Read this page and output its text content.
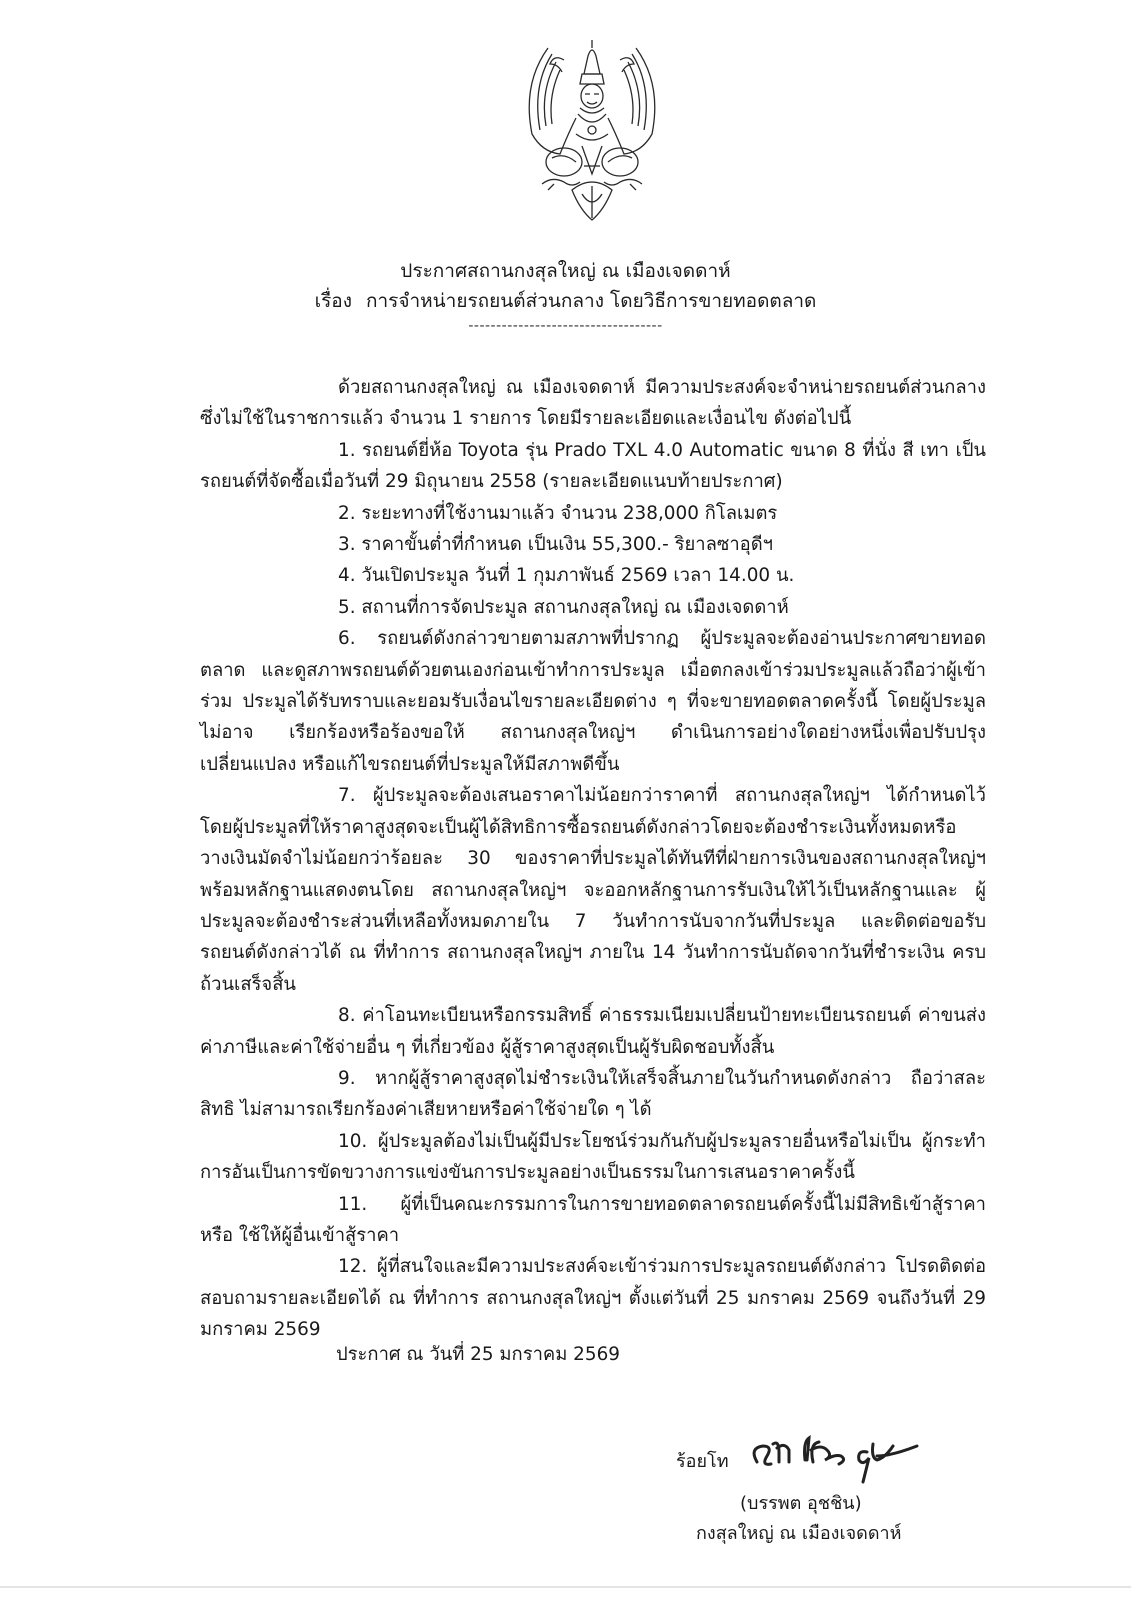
ประกาศสถานกงสุลใหญ่ ณ เมืองเจดดาห์
เรื่อง การจำหน่ายรถยนต์ส่วนกลาง โดยวิธีการขายทอดตลาด
-----------------------------------

ด้วยสถานกงสุลใหญ่ ณ เมืองเจดดาห์ มีความประสงค์จะจำหน่ายรถยนต์ส่วนกลาง ซึ่งไม่ใช้ในราชการแล้ว จำนวน 1 รายการ โดยมีรายละเอียดและเงื่อนไข ดังต่อไปนี้

1. รถยนต์ยี่ห้อ Toyota รุ่น Prado TXL 4.0 Automatic ขนาด 8 ที่นั่ง สี เทา เป็นรถยนต์ที่จัดซื้อเมื่อวันที่ 29 มิถุนายน 2558 (รายละเอียดแนบท้ายประกาศ)

2. ระยะทางที่ใช้งานมาแล้ว จำนวน 238,000 กิโลเมตร

3. ราคาขั้นต่ำที่กำหนด เป็นเงิน 55,300.- ริยาลซาอุดีฯ

4. วันเปิดประมูล วันที่ 1 กุมภาพันธ์ 2569 เวลา 14.00 น.

5. สถานที่การจัดประมูล สถานกงสุลใหญ่ ณ เมืองเจดดาห์

6. รถยนต์ดังกล่าวขายตามสภาพที่ปรากฏ ผู้ประมูลจะต้องอ่านประกาศขายทอดตลาด และดูสภาพรถยนต์ด้วยตนเองก่อนเข้าทำการประมูล เมื่อตกลงเข้าร่วมประมูลแล้วถือว่าผู้เข้าร่วม ประมูลได้รับทราบและยอมรับเงื่อนไขรายละเอียดต่าง ๆ ที่จะขายทอดตลาดครั้งนี้ โดยผู้ประมูลไม่อาจ เรียกร้องหรือร้องขอให้ สถานกงสุลใหญ่ฯ ดำเนินการอย่างใดอย่างหนึ่งเพื่อปรับปรุง เปลี่ยนแปลง หรือแก้ไขรถยนต์ที่ประมูลให้มีสภาพดีขึ้น

7. ผู้ประมูลจะต้องเสนอราคาไม่น้อยกว่าราคาที่ สถานกงสุลใหญ่ฯ ได้กำหนดไว้ โดยผู้ประมูลที่ให้ราคาสูงสุดจะเป็นผู้ได้สิทธิการซื้อรถยนต์ดังกล่าวโดยจะต้องชำระเงินทั้งหมดหรือ วางเงินมัดจำไม่น้อยกว่าร้อยละ 30 ของราคาที่ประมูลได้ทันทีที่ฝ่ายการเงินของสถานกงสุลใหญ่ฯ พร้อมหลักฐานแสดงตนโดย สถานกงสุลใหญ่ฯ จะออกหลักฐานการรับเงินให้ไว้เป็นหลักฐานและ ผู้ประมูลจะต้องชำระส่วนที่เหลือทั้งหมดภายใน 7 วันทำการนับจากวันที่ประมูล และติดต่อขอรับ รถยนต์ดังกล่าวได้ ณ ที่ทำการ สถานกงสุลใหญ่ฯ ภายใน 14 วันทำการนับถัดจากวันที่ชำระเงิน ครบถ้วนเสร็จสิ้น

8. ค่าโอนทะเบียนหรือกรรมสิทธิ์ ค่าธรรมเนียมเปลี่ยนป้ายทะเบียนรถยนต์ ค่าขนส่ง ค่าภาษีและค่าใช้จ่ายอื่น ๆ ที่เกี่ยวข้อง ผู้สู้ราคาสูงสุดเป็นผู้รับผิดชอบทั้งสิ้น

9. หากผู้สู้ราคาสูงสุดไม่ชำระเงินให้เสร็จสิ้นภายในวันกำหนดดังกล่าว ถือว่าสละสิทธิ ไม่สามารถเรียกร้องค่าเสียหายหรือค่าใช้จ่ายใด ๆ ได้

10. ผู้ประมูลต้องไม่เป็นผู้มีประโยชน์ร่วมกันกับผู้ประมูลรายอื่นหรือไม่เป็น ผู้กระทำการอันเป็นการขัดขวางการแข่งขันการประมูลอย่างเป็นธรรมในการเสนอราคาครั้งนี้

11. ผู้ที่เป็นคณะกรรมการในการขายทอดตลาดรถยนต์ครั้งนี้ไม่มีสิทธิเข้าสู้ราคาหรือ ใช้ให้ผู้อื่นเข้าสู้ราคา

12. ผู้ที่สนใจและมีความประสงค์จะเข้าร่วมการประมูลรถยนต์ดังกล่าว โปรดติดต่อ สอบถามรายละเอียดได้ ณ ที่ทำการ สถานกงสุลใหญ่ฯ ตั้งแต่วันที่ 25 มกราคม 2569 จนถึงวันที่ 29 มกราคม 2569

ประกาศ ณ วันที่ 25 มกราคม 2569
ร้อยโท
(บรรพต อุชชิน)
กงสุลใหญ่ ณ เมืองเจดดาห์
